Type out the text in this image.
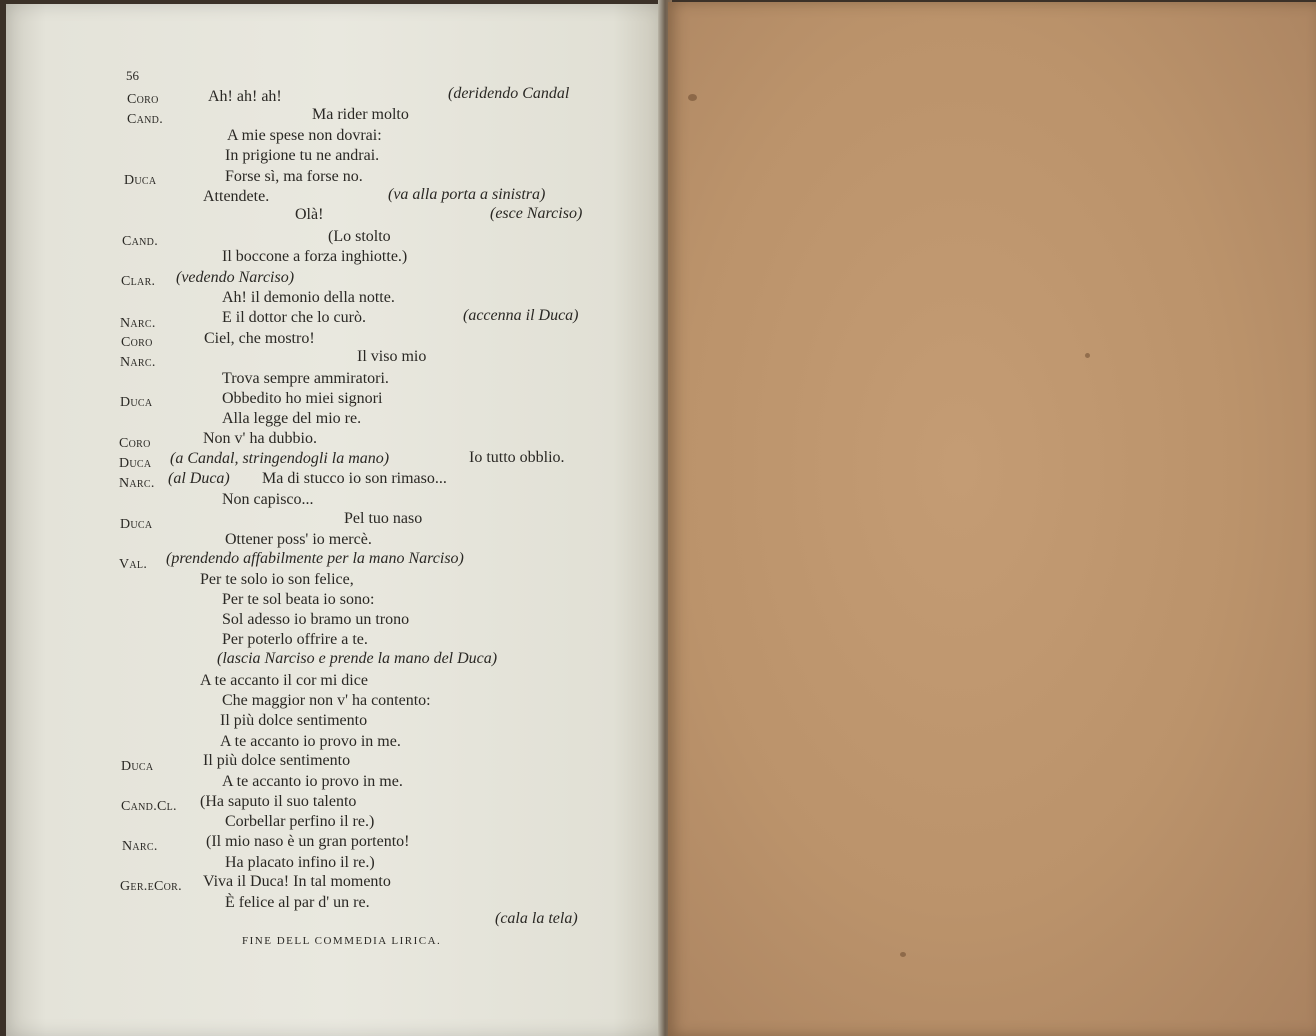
56
Coro	Ah! ah! ah!	(deridendo Candal
Cand.	Ma rider molto
A mie spese non dovrai:
In prigione tu ne andrai.
Duca	Forse sì, ma forse no.
Attendete.	(va alla porta a sinistra)
Olà!	(esce Narciso)
Cand.	(Lo stolto
Il boccone a forza inghiotte.)
Clar. (vedendo Narciso)
Ah! il demonio della notte.
Narc.	E il dottor che lo curò.	(accenna il Duca)
Coro	Ciel, che mostro!
Narc.	Il viso mio
Trova sempre ammiratori.
Duca	Obbedito ho miei signori
Alla legge del mio re.
Coro	Non v' ha dubbio.
Duca (a Candal, stringendogli la mano)	Io tutto obblio.
Narc. (al Duca) Ma di stucco io son rimaso...
Non capisco...
Duca	Pel tuo naso
Ottener poss' io mercè.
Val. (prendendo affabilmente per la mano Narciso)
Per te solo io son felice,
Per te sol beata io sono:
Sol adesso io bramo un trono
Per poterlo offrire a te.
(lascia Narciso e prende la mano del Duca)
A te accanto il cor mi dice
Che maggior non v' ha contento:
Il più dolce sentimento
A te accanto io provo in me.
Duca	Il più dolce sentimento
A te accanto io provo in me.
Cand.Cl. (Ha saputo il suo talento
Corbellar perfino il re.)
Narc.	(Il mio naso è un gran portento!
Ha placato infino il re.)
Ger.eCor. Viva il Duca! In tal momento
È felice al par d' un re.
(cala la tela)
FINE DELL COMMEDIA LIRICA.
